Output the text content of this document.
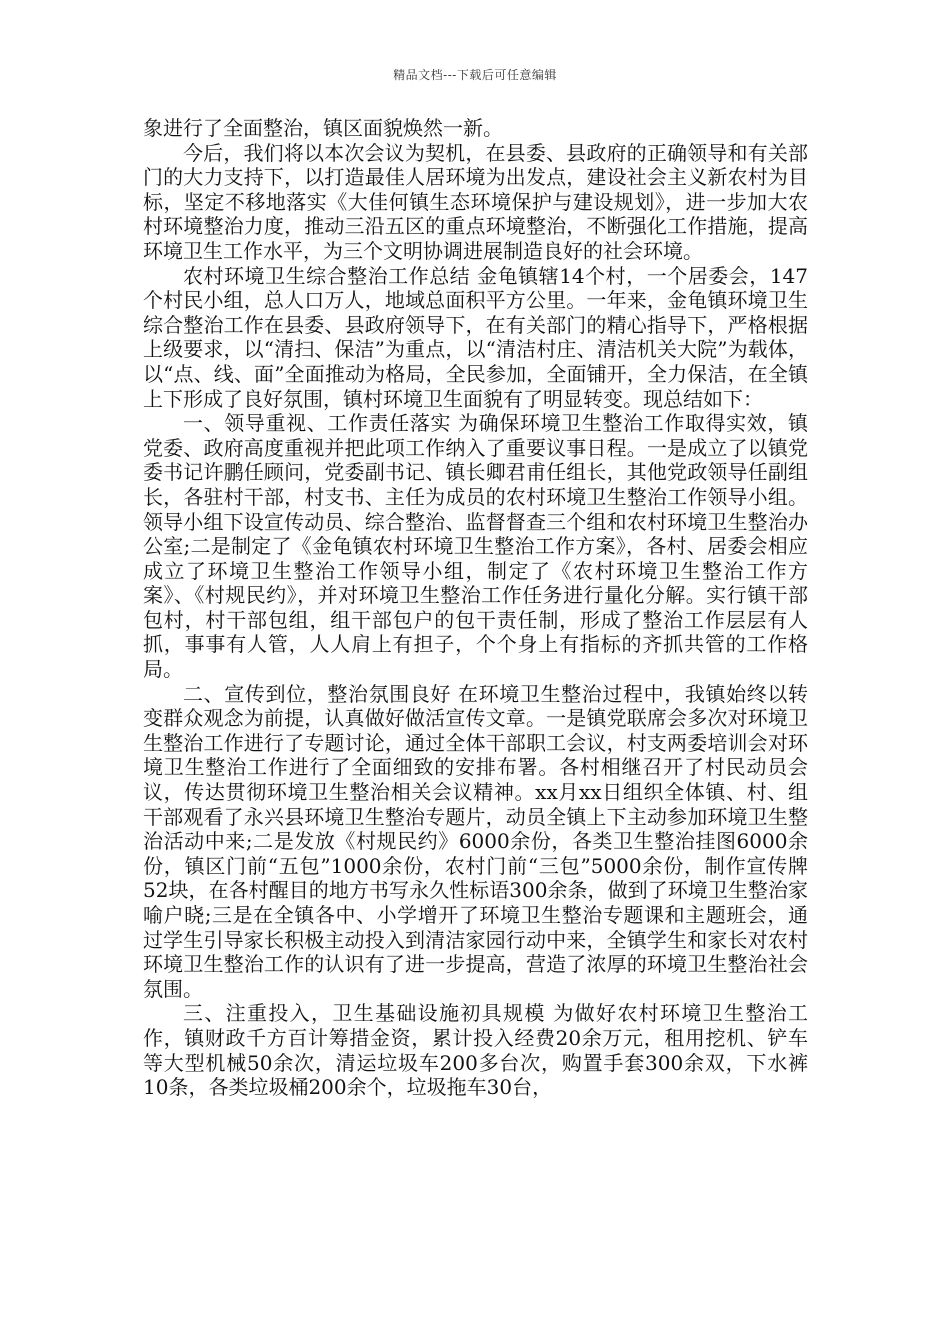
精品文档---下载后可任意编辑

象进行了全面整治，镇区面貌焕然一新。

今后，我们将以本次会议为契机，在县委、县政府的正确领导和有关部门的大力支持下，以打造最佳人居环境为出发点，建设社会主义新农村为目标，坚定不移地落实《大佳何镇生态环境保护与建设规划》，进一步加大农村环境整治力度，推动三沿五区的重点环境整治，不断强化工作措施，提高环境卫生工作水平，为三个文明协调进展制造良好的社会环境。

农村环境卫生综合整治工作总结 金龟镇辖14个村，一个居委会，147个村民小组，总人口万人，地域总面积平方公里。一年来，金龟镇环境卫生综合整治工作在县委、县政府领导下，在有关部门的精心指导下，严格根据上级要求，以“清扫、保洁”为重点，以“清洁村庄、清洁机关大院”为载体，以“点、线、面”全面推动为格局，全民参加，全面铺开，全力保洁，在全镇上下形成了良好氛围，镇村环境卫生面貌有了明显转变。现总结如下：

一、领导重视、工作责任落实 为确保环境卫生整治工作取得实效，镇党委、政府高度重视并把此项工作纳入了重要议事日程。一是成立了以镇党委书记许鹏任顾问，党委副书记、镇长卿君甫任组长，其他党政领导任副组长，各驻村干部，村支书、主任为成员的农村环境卫生整治工作领导小组。领导小组下设宣传动员、综合整治、监督督查三个组和农村环境卫生整治办公室;二是制定了《金龟镇农村环境卫生整治工作方案》，各村、居委会相应成立了环境卫生整治工作领导小组，制定了《农村环境卫生整治工作方案》、《村规民约》，并对环境卫生整治工作任务进行量化分解。实行镇干部包村，村干部包组，组干部包户的包干责任制，形成了整治工作层层有人抓，事事有人管，人人肩上有担子，个个身上有指标的齐抓共管的工作格局。

二、宣传到位，整治氛围良好 在环境卫生整治过程中，我镇始终以转变群众观念为前提，认真做好做活宣传文章。一是镇党联席会多次对环境卫生整治工作进行了专题讨论，通过全体干部职工会议，村支两委培训会对环境卫生整治工作进行了全面细致的安排布署。各村相继召开了村民动员会议，传达贯彻环境卫生整治相关会议精神。xx月xx日组织全体镇、村、组干部观看了永兴县环境卫生整治专题片，动员全镇上下主动参加环境卫生整治活动中来;二是发放《村规民约》6000余份，各类卫生整治挂图6000余份，镇区门前“五包”1000余份，农村门前“三包”5000余份，制作宣传牌52块，在各村醒目的地方书写永久性标语300余条，做到了环境卫生整治家喻户晓;三是在全镇各中、小学增开了环境卫生整治专题课和主题班会，通过学生引导家长积极主动投入到清洁家园行动中来，全镇学生和家长对农村环境卫生整治工作的认识有了进一步提高，营造了浓厚的环境卫生整治社会氛围。

三、注重投入，卫生基础设施初具规模 为做好农村环境卫生整治工作，镇财政千方百计筹措金资，累计投入经费20余万元，租用挖机、铲车等大型机械50余次，清运垃圾车200多台次，购置手套300余双，下水裤10条，各类垃圾桶200余个，垃圾拖车30台，
